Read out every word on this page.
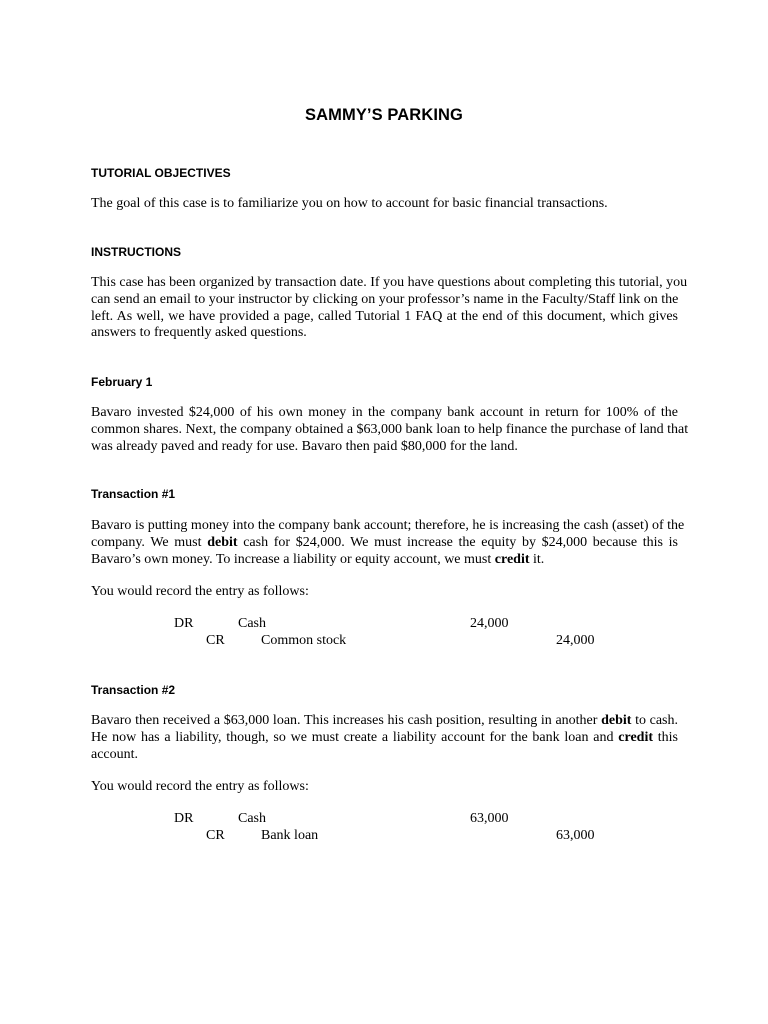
SAMMY’S PARKING
TUTORIAL OBJECTIVES
The goal of this case is to familiarize you on how to account for basic financial transactions.
INSTRUCTIONS
This case has been organized by transaction date. If you have questions about completing this tutorial, you
can send an email to your instructor by clicking on your professor’s name in the Faculty/Staff link on the
left. As well, we have provided a page, called Tutorial 1 FAQ at the end of this document, which gives
answers to frequently asked questions.
February 1
Bavaro invested $24,000 of his own money in the company bank account in return for 100% of the
common shares. Next, the company obtained a $63,000 bank loan to help finance the purchase of land that
was already paved and ready for use. Bavaro then paid $80,000 for the land.
Transaction #1
Bavaro is putting money into the company bank account; therefore, he is increasing the cash (asset) of the
company. We must debit cash for $24,000. We must increase the equity by $24,000 because this is
Bavaro’s own money. To increase a liability or equity account, we must credit it.
You would record the entry as follows:
DR	Cash	24,000
CR	Common stock	24,000
Transaction #2
Bavaro then received a $63,000 loan. This increases his cash position, resulting in another debit to cash.
He now has a liability, though, so we must create a liability account for the bank loan and credit this
account.
You would record the entry as follows:
DR	Cash	63,000
CR	Bank loan	63,000
